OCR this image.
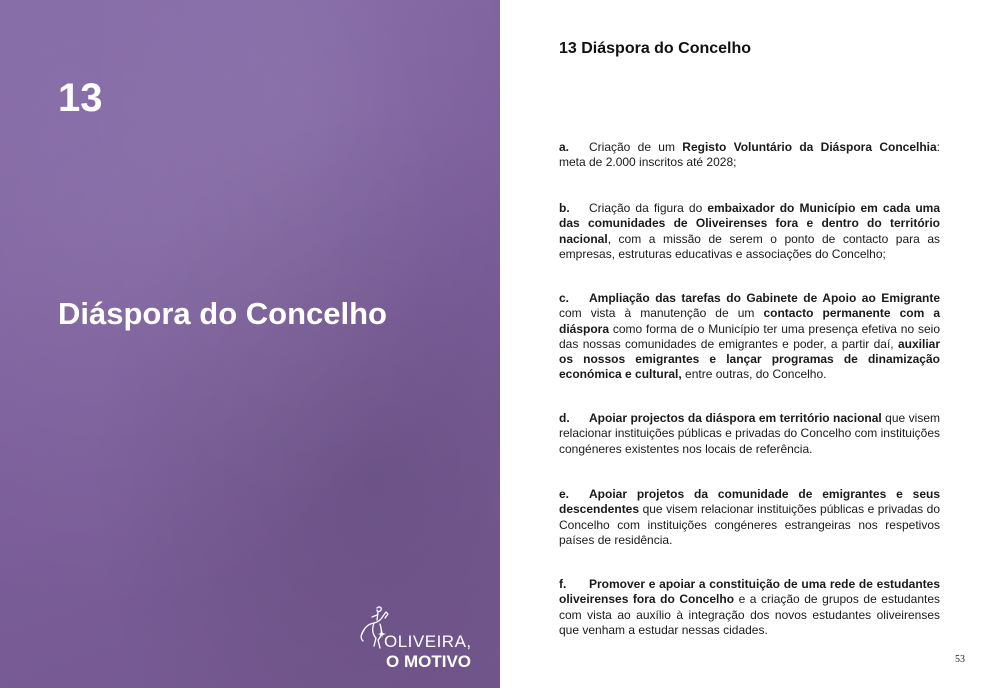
13
Diáspora do Concelho
OLIVEIRA,
O MOTIVO
13 Diáspora do Concelho

a. Criação de um Registo Voluntário da Diáspora Concelhia: meta de 2.000 inscritos até 2028;

b. Criação da figura do embaixador do Município em cada uma das comunidades de Oliveirenses fora e dentro do território nacional, com a missão de serem o ponto de contacto para as empresas, estruturas educativas e associações do Concelho;

c. Ampliação das tarefas do Gabinete de Apoio ao Emigrante com vista à manutenção de um contacto permanente com a diáspora como forma de o Município ter uma presença efetiva no seio das nossas comunidades de emigrantes e poder, a partir daí, auxiliar os nossos emigrantes e lançar programas de dinamização económica e cultural, entre outras, do Concelho.

d. Apoiar projectos da diáspora em território nacional que visem relacionar instituições públicas e privadas do Concelho com instituições congéneres existentes nos locais de referência.

e. Apoiar projetos da comunidade de emigrantes e seus descendentes que visem relacionar instituições públicas e privadas do Concelho com instituições congéneres estrangeiras nos respetivos países de residência.

f. Promover e apoiar a constituição de uma rede de estudantes oliveirenses fora do Concelho e a criação de grupos de estudantes com vista ao auxílio à integração dos novos estudantes oliveirenses que venham a estudar nessas cidades.

53
